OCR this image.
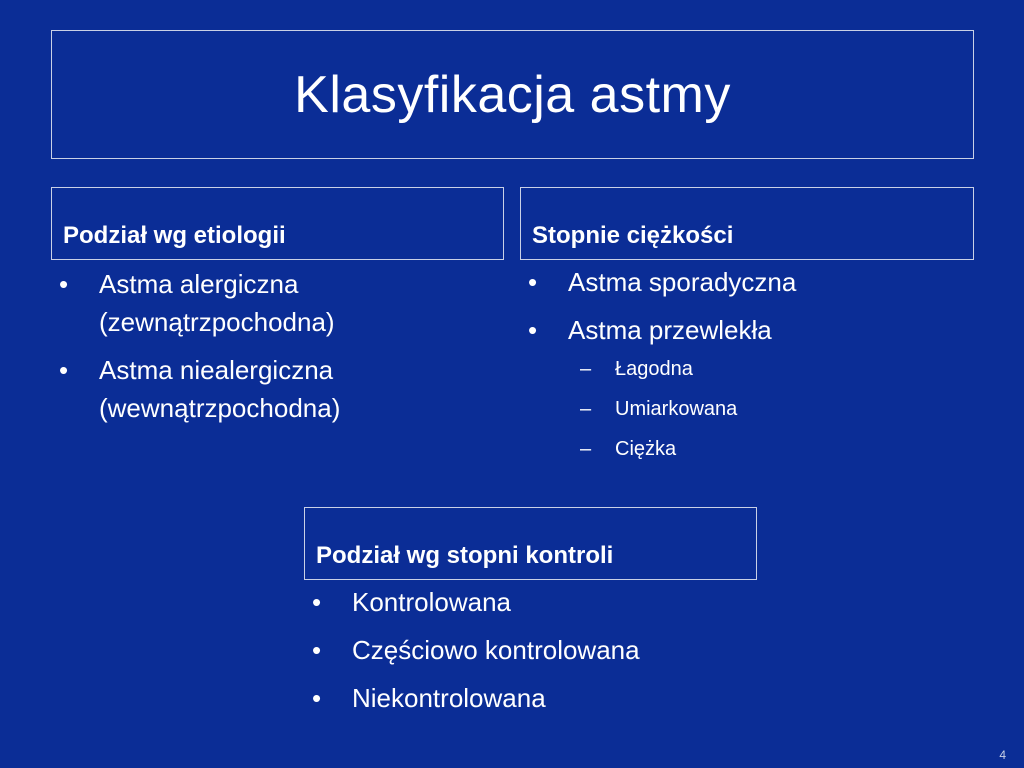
Klasyfikacja astmy
Podział wg etiologii
• Astma alergiczna
(zewnątrzpochodna)
• Astma niealergiczna
(wewnątrzpochodna)
Stopnie ciężkości
• Astma sporadyczna
• Astma przewlekła
– Łagodna
– Umiarkowana
– Ciężka
Podział wg stopni kontroli
• Kontrolowana
• Częściowo kontrolowana
• Niekontrolowana
4
